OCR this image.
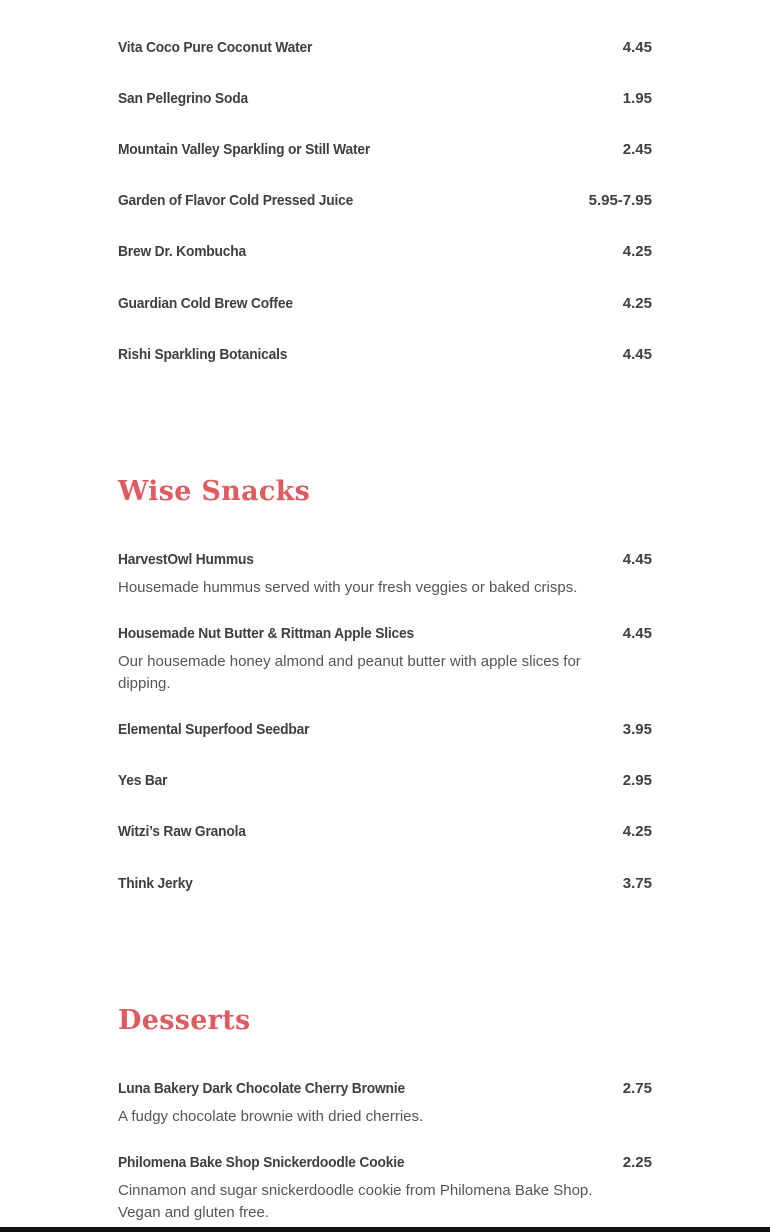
Vita Coco Pure Coconut Water	4.45
San Pellegrino Soda	1.95
Mountain Valley Sparkling or Still Water	2.45
Garden of Flavor Cold Pressed Juice	5.95-7.95
Brew Dr. Kombucha	4.25
Guardian Cold Brew Coffee	4.25
Rishi Sparkling Botanicals	4.45
Wise Snacks
HarvestOwl Hummus	4.45
Housemade hummus served with your fresh veggies or baked crisps.
Housemade Nut Butter & Rittman Apple Slices	4.45
Our housemade honey almond and peanut butter with apple slices for dipping.
Elemental Superfood Seedbar	3.95
Yes Bar	2.95
Witzi’s Raw Granola	4.25
Think Jerky	3.75
Desserts
Luna Bakery Dark Chocolate Cherry Brownie	2.75
A fudgy chocolate brownie with dried cherries.
Philomena Bake Shop Snickerdoodle Cookie	2.25
Cinnamon and sugar snickerdoodle cookie from Philomena Bake Shop. Vegan and gluten free.
